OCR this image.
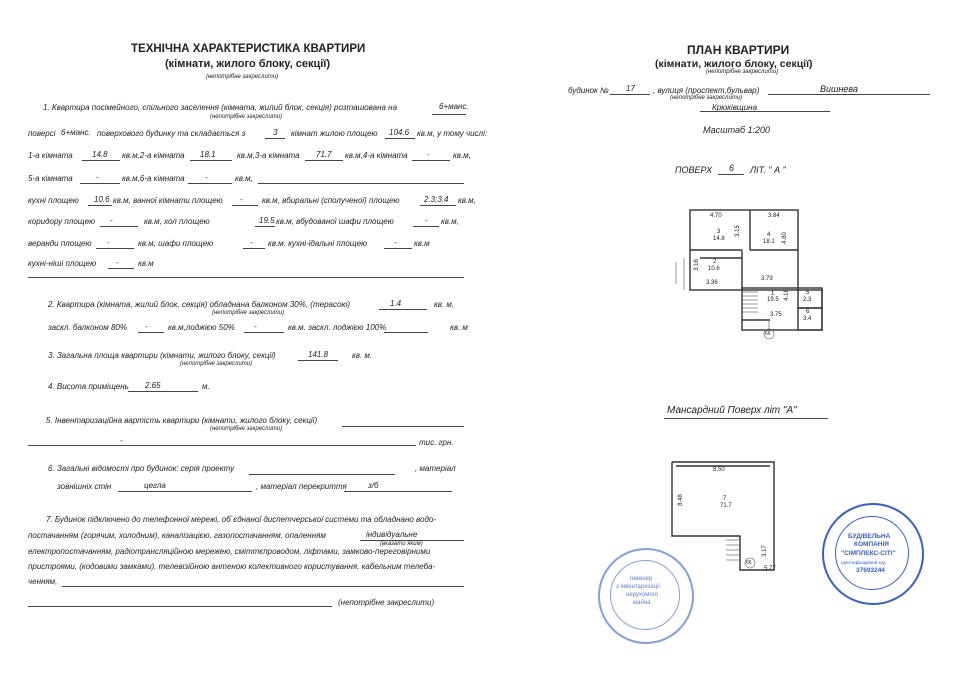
ТЕХНІЧНА ХАРАКТЕРИСТИКА КВАРТИРИ
(кімнати, жилого блоку, секції)
(непотрібне закреслити)
1. Квартира посімейного, спільного заселення (кімната, жилий блок, секція) розташована на	6+манс.
(непотрібне закреслити)
поверсі 6+манс. поверхового будинку та складається з	3 кімнат жилою площею 104.6 кв.м, у тому числі:
1-а кімната 14.8 кв.м,2-а кімната 18.1	кв.м,3-а кімната 71.7 кв.м,4-а кімната -	кв.м,
5-а кімната	-	кв.м,6-а кімната	-	кв.м,
кухні площею 10.6 кв.м, ванної кімнати площею - кв.м, вбиральні (сполученої) площею	2.3;3.4 кв.м,
коридору площею -	кв.м, хол площею	19.5 кв.м, вбудованої шафи площею	- кв.м,
веранди площею -	кв.м, шафи площею	- кв.м. кухні-їдальні площею	- кв.м
кухні-ніші площею - кв.м
2. Квартира (кімната, жилий блок, секція) обладнана балконом 30%, (терасою)	1.4	кв. м,
(непотрібне закреслити)
заскл. балконом 80% -	кв.м,лоджією 50% -	кв.м. заскл. лоджією 100%	кв. м
3. Загальна площа квартири (кімнати, жилого блоку, секції)	141.8	кв. м.
(непотрібне закреслити)
4. Висота приміщень 2.65	м.
5. Інвентаризаційна вартість квартири (кімнати, жилого блоку, секції)
(непотрібне закреслити)
-	тис. грн.
6. Загальні відомості про будинок: серія проекту	, матеріал
зовнішніх стін	цегла	, матеріал перекриття	з/б
7. Будинок підключено до телефонної мережі, об`єднаної диспетчерської системи та обладнано водо-
постачанням (горячим, холодним), каналізацією, газопостачанням, опаленням	індивідуальне
(вказати яким)
електропостачанням, радіотрансляційною мережею, сміттєпроводом, ліфтами, замково-переговірними
пристроями, (кодовими замками), телевізійною антеною колективного користування, кабельним телеба-
ченням,
(непотрібне закреслити)
ПЛАН КВАРТИРИ
(кімнати, жилого блоку, секції)
(непотрібне закреслити)
будинок № 17 , вулиця (проспект,бульвар)	Вишнева
(непотрібне закреслити)
Крюківщина
Масштаб 1:200
ПОВЕРХ 6 ЛІТ. " А "
4.70	3.84
3.15
4.80
3.16
3.36
3.79
4.16
3.75
3
14.8
4
18.1
2
10.6
1
19.5
5
2.3
6
3.4
66
Мансардний Поверх літ "А"
8.50
8.48
3.17
5.77
7
71.7
66
Інженер
з інвентаризації
нерухомого
майна
БУДІВЕЛЬНА
КОМПАНІЯ
"СІМПЛЕКС-СІТІ"
Ідентифікаційний код
37693244
